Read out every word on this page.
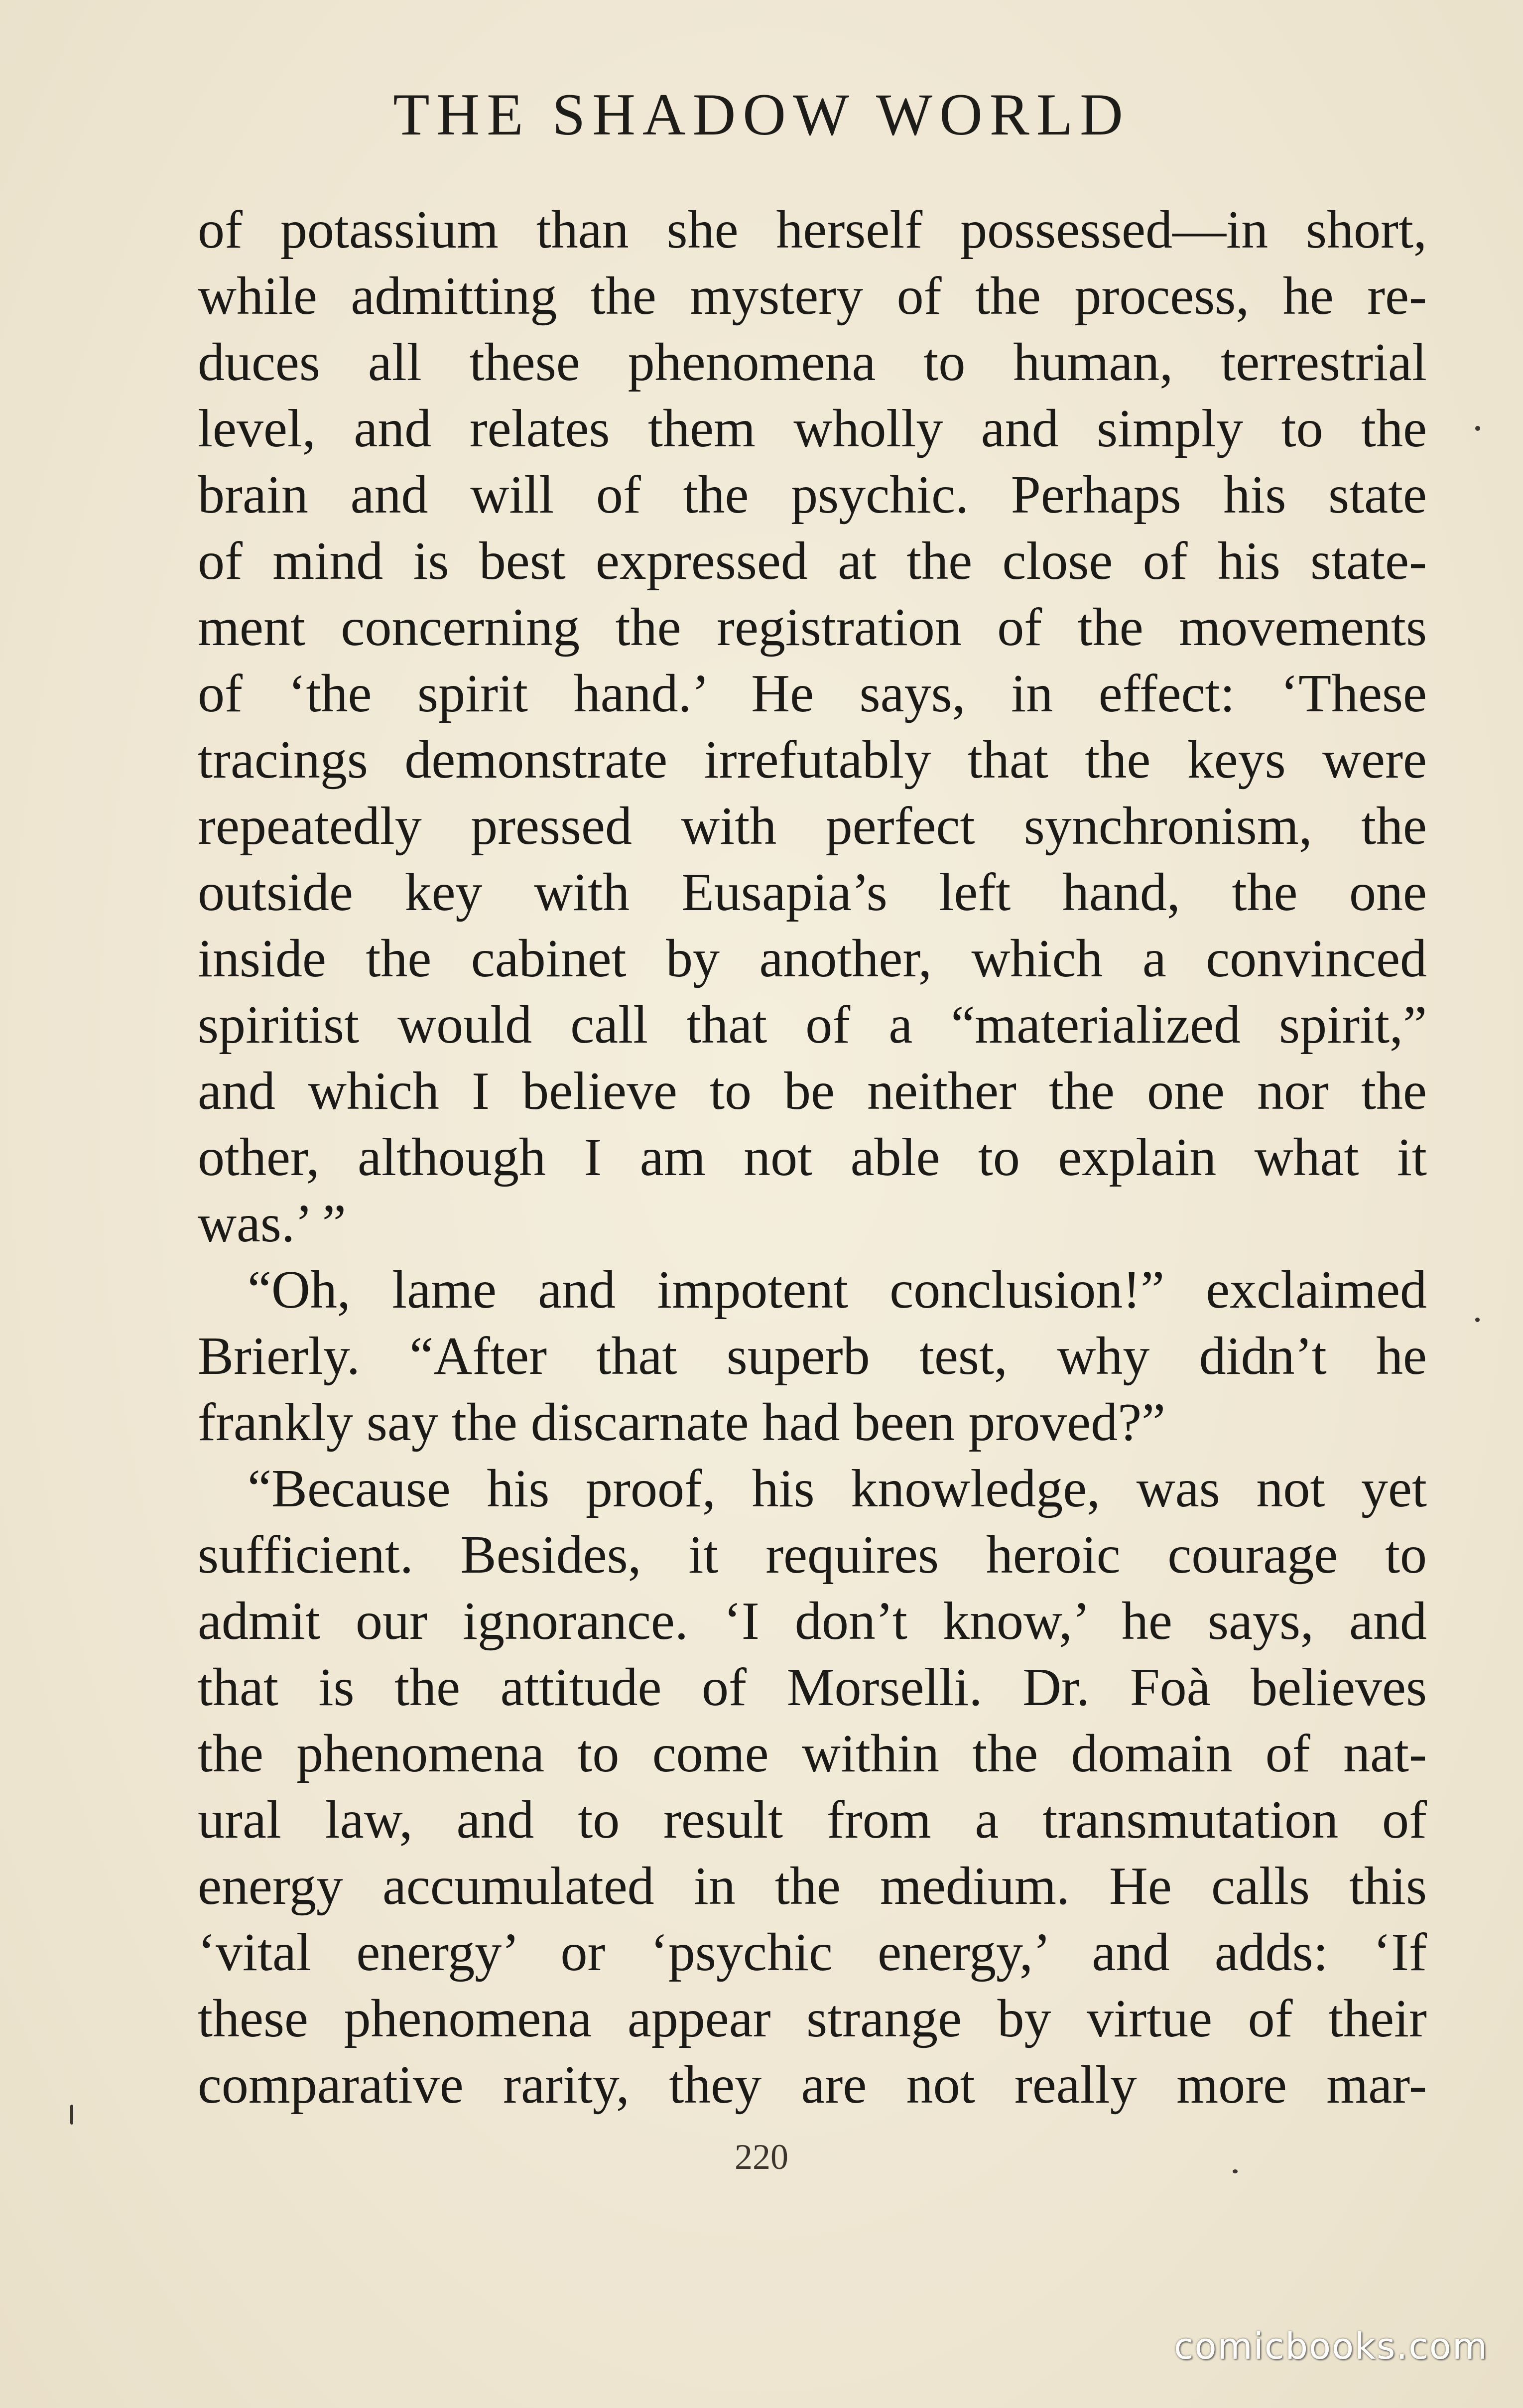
THE SHADOW WORLD
of potassium than she herself possessed—in short,
while admitting the mystery of the process, he re-
duces all these phenomena to human, terrestrial
level, and relates them wholly and simply to the
brain and will of the psychic. Perhaps his state
of mind is best expressed at the close of his state-
ment concerning the registration of the movements
of ‘the spirit hand.’ He says, in effect: ‘These
tracings demonstrate irrefutably that the keys were
repeatedly pressed with perfect synchronism, the
outside key with Eusapia’s left hand, the one
inside the cabinet by another, which a convinced
spiritist would call that of a “materialized spirit,”
and which I believe to be neither the one nor the
other, although I am not able to explain what it
was.’ ”
“Oh, lame and impotent conclusion!” exclaimed
Brierly. “After that superb test, why didn’t he
frankly say the discarnate had been proved?”
“Because his proof, his knowledge, was not yet
sufficient. Besides, it requires heroic courage to
admit our ignorance. ‘I don’t know,’ he says, and
that is the attitude of Morselli. Dr. Foà believes
the phenomena to come within the domain of nat-
ural law, and to result from a transmutation of
energy accumulated in the medium. He calls this
‘vital energy’ or ‘psychic energy,’ and adds: ‘If
these phenomena appear strange by virtue of their
comparative rarity, they are not really more mar-
220
comicbooks.com
